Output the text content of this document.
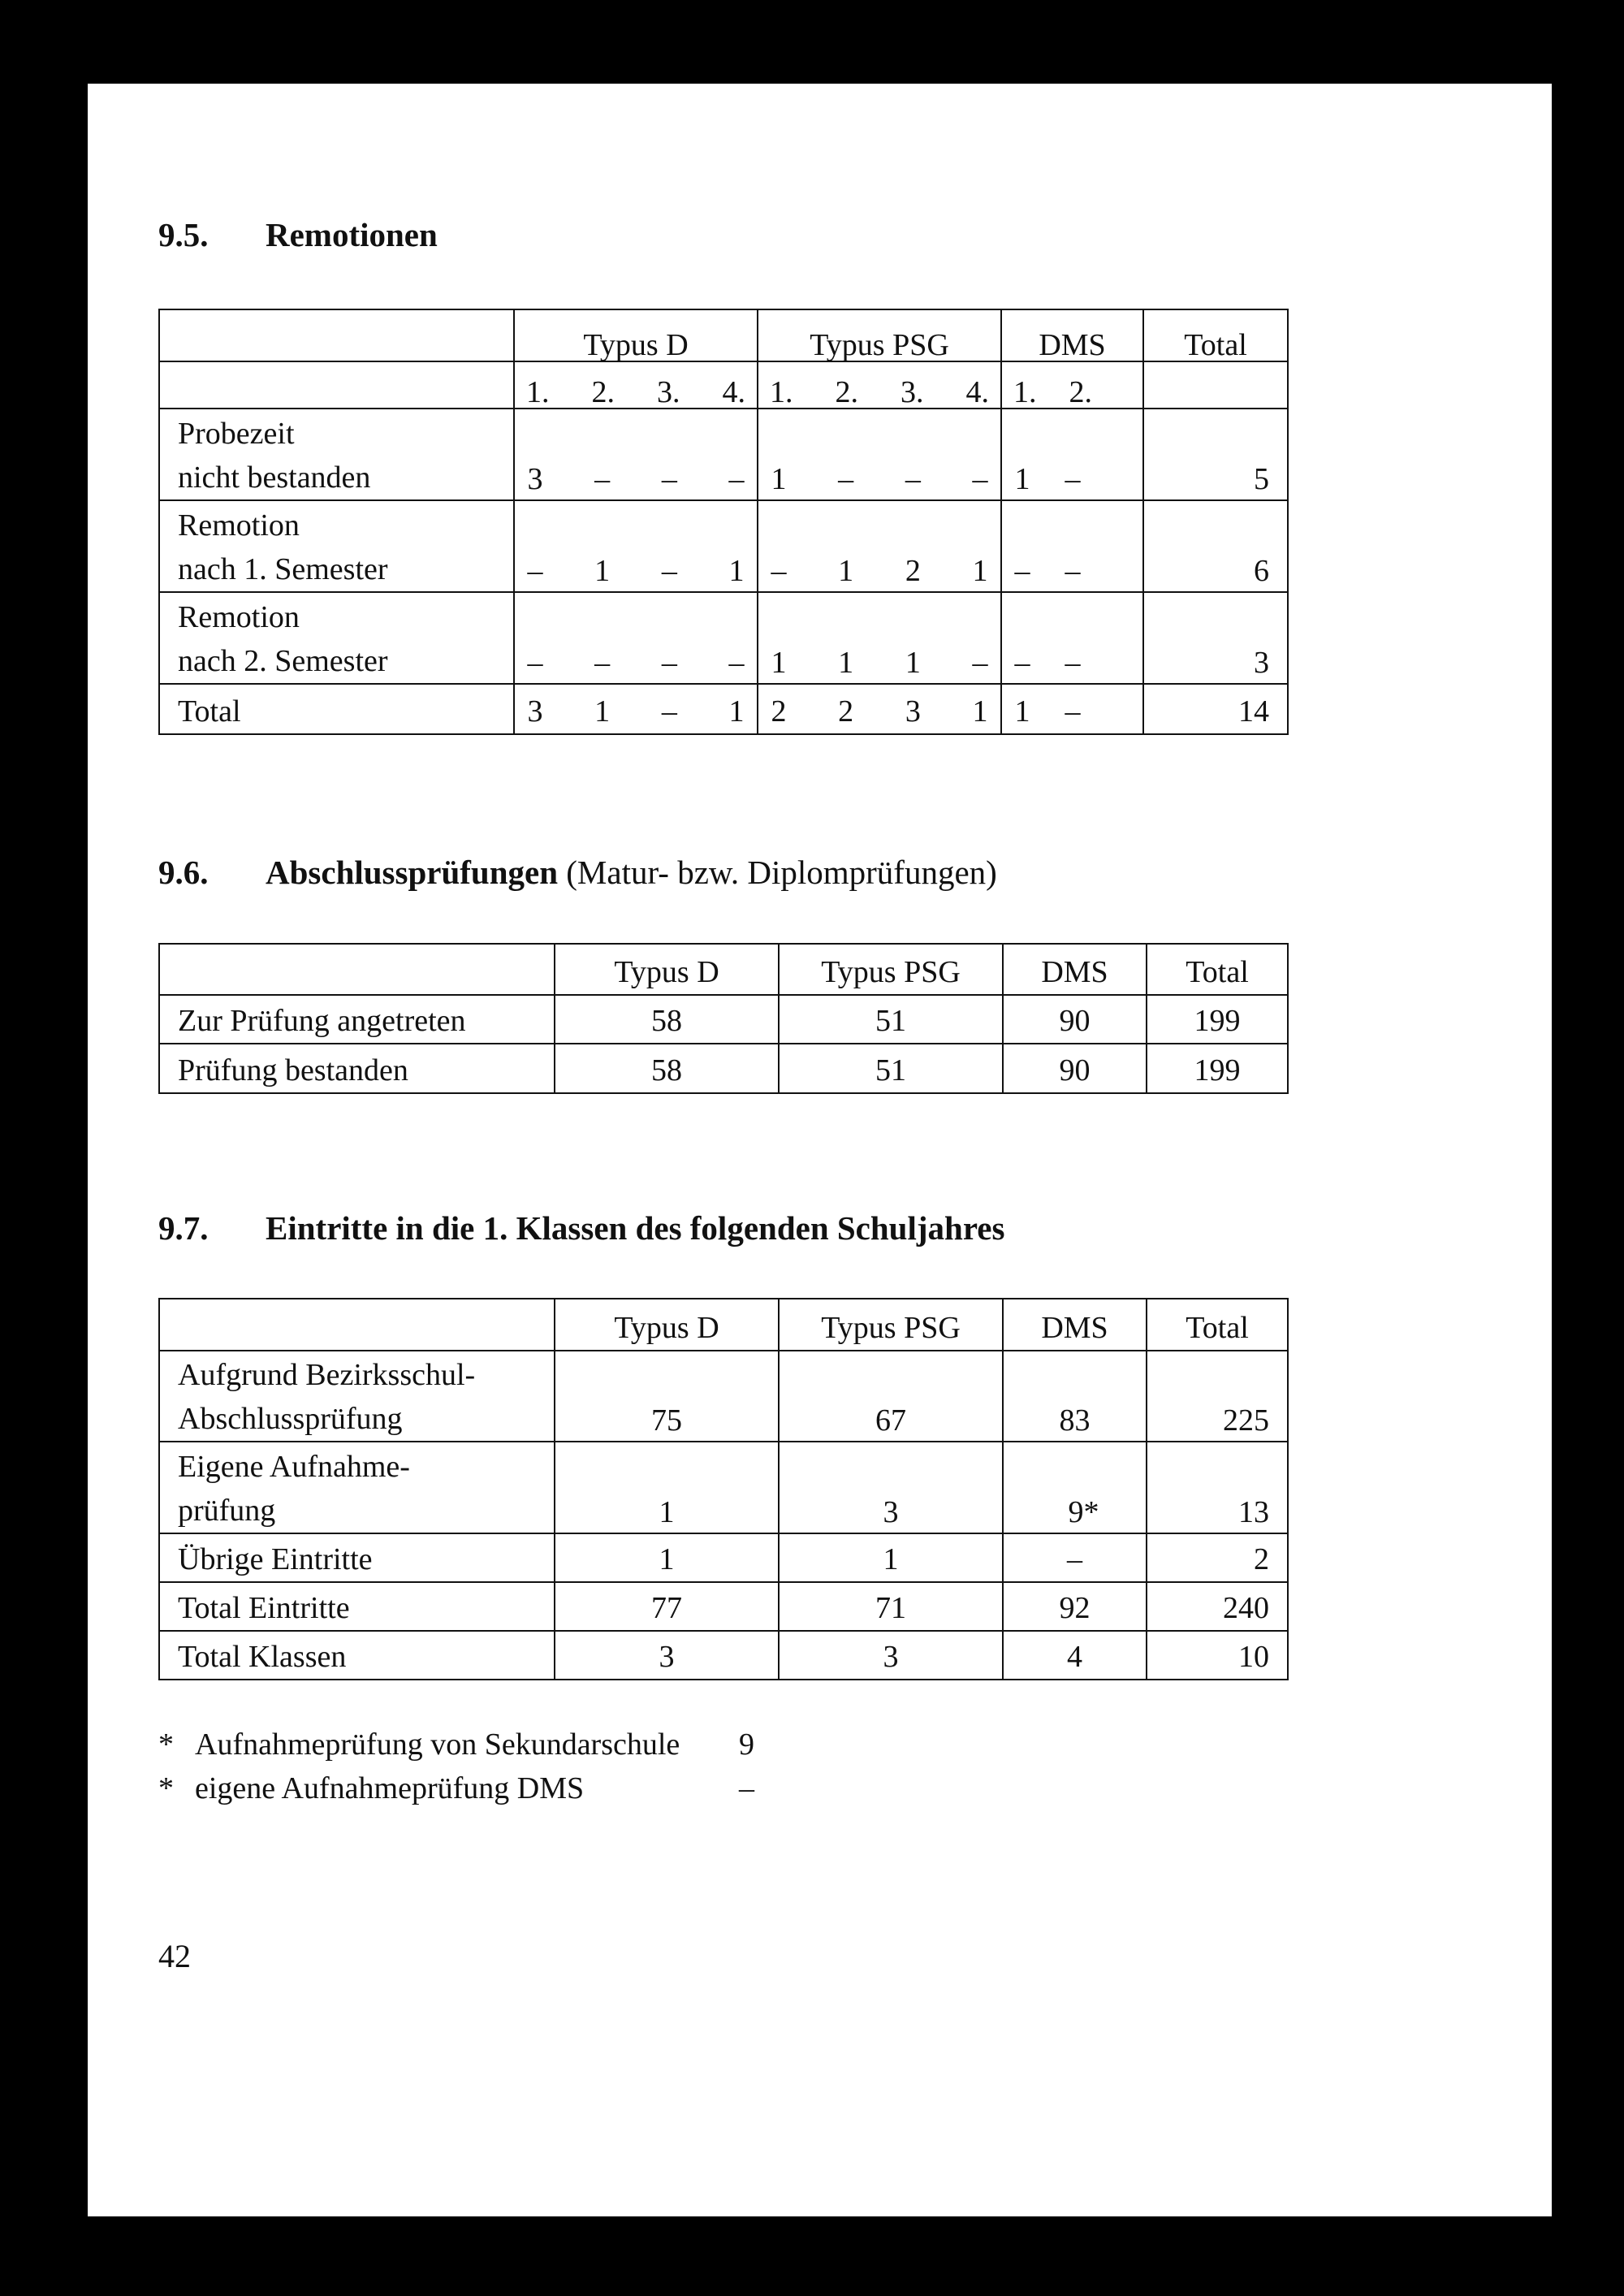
9.5. Remotionen
	Typus D	Typus PSG	DMS	Total

	1. 2. 3. 4.	1. 2. 3. 4.	1. 2.	

Probezeit
nicht bestanden	3 – – –	1 – – –	1 –	5

Remotion
nach 1. Semester	– 1 – 1	– 1 2 1	– –	6

Remotion
nach 2. Semester	– – – –	1 1 1 –	– –	3
Total	3 1 – 1	2 2 3 1	1 –	14
9.6. Abschlussprüfungen (Matur- bzw. Diplomprüfungen)
	Typus D	Typus PSG	DMS	Total
Zur Prüfung angetreten	58	51	90	199
Prüfung bestanden	58	51	90	199
9.7. Eintritte in die 1. Klassen des folgenden Schuljahres
	Typus D	Typus PSG	DMS	Total

Aufgrund Bezirksschul-
Abschlussprüfung	75	67	83	225

Eigene Aufnahme-
prüfung	1	3	9*	13
Übrige Eintritte	1	1	–	2
Total Eintritte	77	71	92	240
Total Klassen	3	3	4	10
* Aufnahmeprüfung von Sekundarschule 9
* eigene Aufnahmeprüfung DMS	–
42
